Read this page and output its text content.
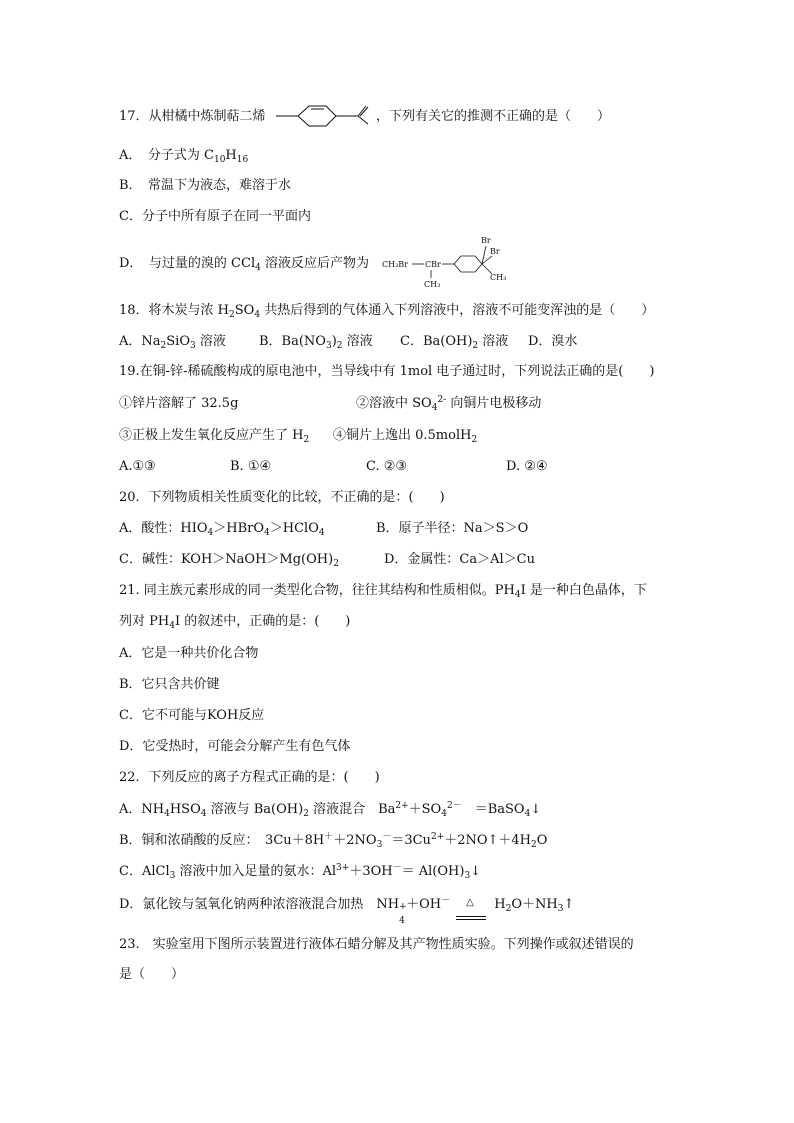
17．从柑橘中炼制萜二烯	，下列有关它的推测不正确的是（　　）
A．　分子式为 $C_{10}H_{16}$
B．　常温下为液态，难溶于水
C．分子中所有原子在同一平面内
D．　与过量的溴的 CCl$_4$ 溶液反应后产物为 CH₂Br CBr
CH₃
Br
Br
CH₃
18．将木炭与浓 $H_2SO_4$ 共热后得到的气体通入下列溶液中，溶液不可能变浑浊的是（　　）
A．$Na_2SiO_3$ 溶液	B．$Ba(NO_3)_2$ 溶液 C．$Ba(OH)_2$ 溶液 D．溴水
19.在铜-锌-稀硫酸构成的原电池中，当导线中有 1mol 电子通过时，下列说法正确的是(　　)
①锌片溶解了 32.5g	②溶液中 $SO_4^{2-}$ 向铜片电极移动
③正极上发生氧化反应产生了 $H_2$ ④铜片上逸出 0.5molH$_2$
A.①③	B. ①④	C. ②③	D. ②④
20．下列物质相关性质变化的比较，不正确的是：(　　)
A．酸性：$HIO_4>HBrO_4>HClO_4$	B．原子半径：Na＞S＞O
C．碱性：$KOH>NaOH>Mg(OH)_2$	D．金属性：Ca＞Al＞Cu
21. 同主族元素形成的同一类型化合物，往往其结构和性质相似。$PH_4I$ 是一种白色晶体，下
列对 $PH_4I$ 的叙述中，正确的是：(　　)
A．它是一种共价化合物
B．它只含共价键
C．它不可能与KOH反应
D．它受热时，可能会分解产生有色气体
22．下列反应的离子方程式正确的是：(　　)
A．$NH_4HSO_4$ 溶液与 $Ba(OH)_2$ 溶液混合　$Ba^{2+}+SO_4^{2-}$　＝BaSO$_4$↓
B．铜和浓硝酸的反应：　$3Cu+8H^++2NO_3^-=3Cu^{2+}+2NO↑+4H_2O$
C．AlCl$_3$ 溶液中加入足量的氨水：$Al^{3+}+3OH^-=$ $Al(OH)_3↓$
D．氯化铵与氢氧化钠两种浓溶液混合加热　NH +
4
＋OH－ △ $H_2O+NH_3↑$
23.　实验室用下图所示装置进行液体石蜡分解及其产物性质实验。下列操作或叙述错误的
是（　　）
